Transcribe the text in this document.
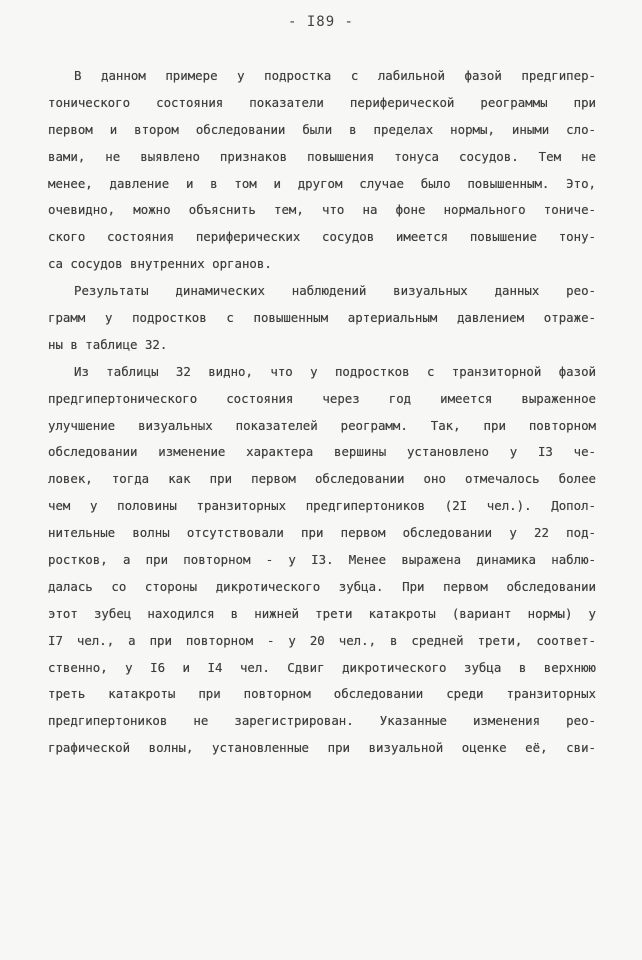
- I89 -
В данном примере у подростка с лабильной фазой предгипер-
тонического состояния показатели периферической реограммы при
первом и втором обследовании были в пределах нормы, иными сло-
вами, не выявлено признаков повышения тонуса сосудов. Тем не
менее, давление и в том и другом случае было повышенным. Это,
очевидно, можно объяснить тем, что на фоне нормального тониче-
ского состояния периферических сосудов имеется повышение тону-
са сосудов внутренних органов.
Результаты динамических наблюдений визуальных данных рео-
грамм у подростков с повышенным артериальным давлением отраже-
ны в таблице 32.
Из таблицы 32 видно, что у подростков с транзиторной фазой
предгипертонического состояния через год имеется выраженное
улучшение визуальных показателей реограмм. Так, при повторном
обследовании изменение характера вершины установлено у I3 че-
ловек, тогда как при первом обследовании оно отмечалось более
чем у половины транзиторных предгипертоников (2I чел.). Допол-
нительные волны отсутствовали при первом обследовании у 22 под-
ростков, а при повторном - у I3. Менее выражена динамика наблю-
далась со стороны дикротического зубца. При первом обследовании
этот зубец находился в нижней трети катакроты (вариант нормы) у
I7 чел., а при повторном - у 20 чел., в средней трети, соответ-
ственно, у I6 и I4 чел. Сдвиг дикротического зубца в верхнюю
треть катакроты при повторном обследовании среди транзиторных
предгипертоников не зарегистрирован. Указанные изменения рео-
графической волны, установленные при визуальной оценке её, сви-
